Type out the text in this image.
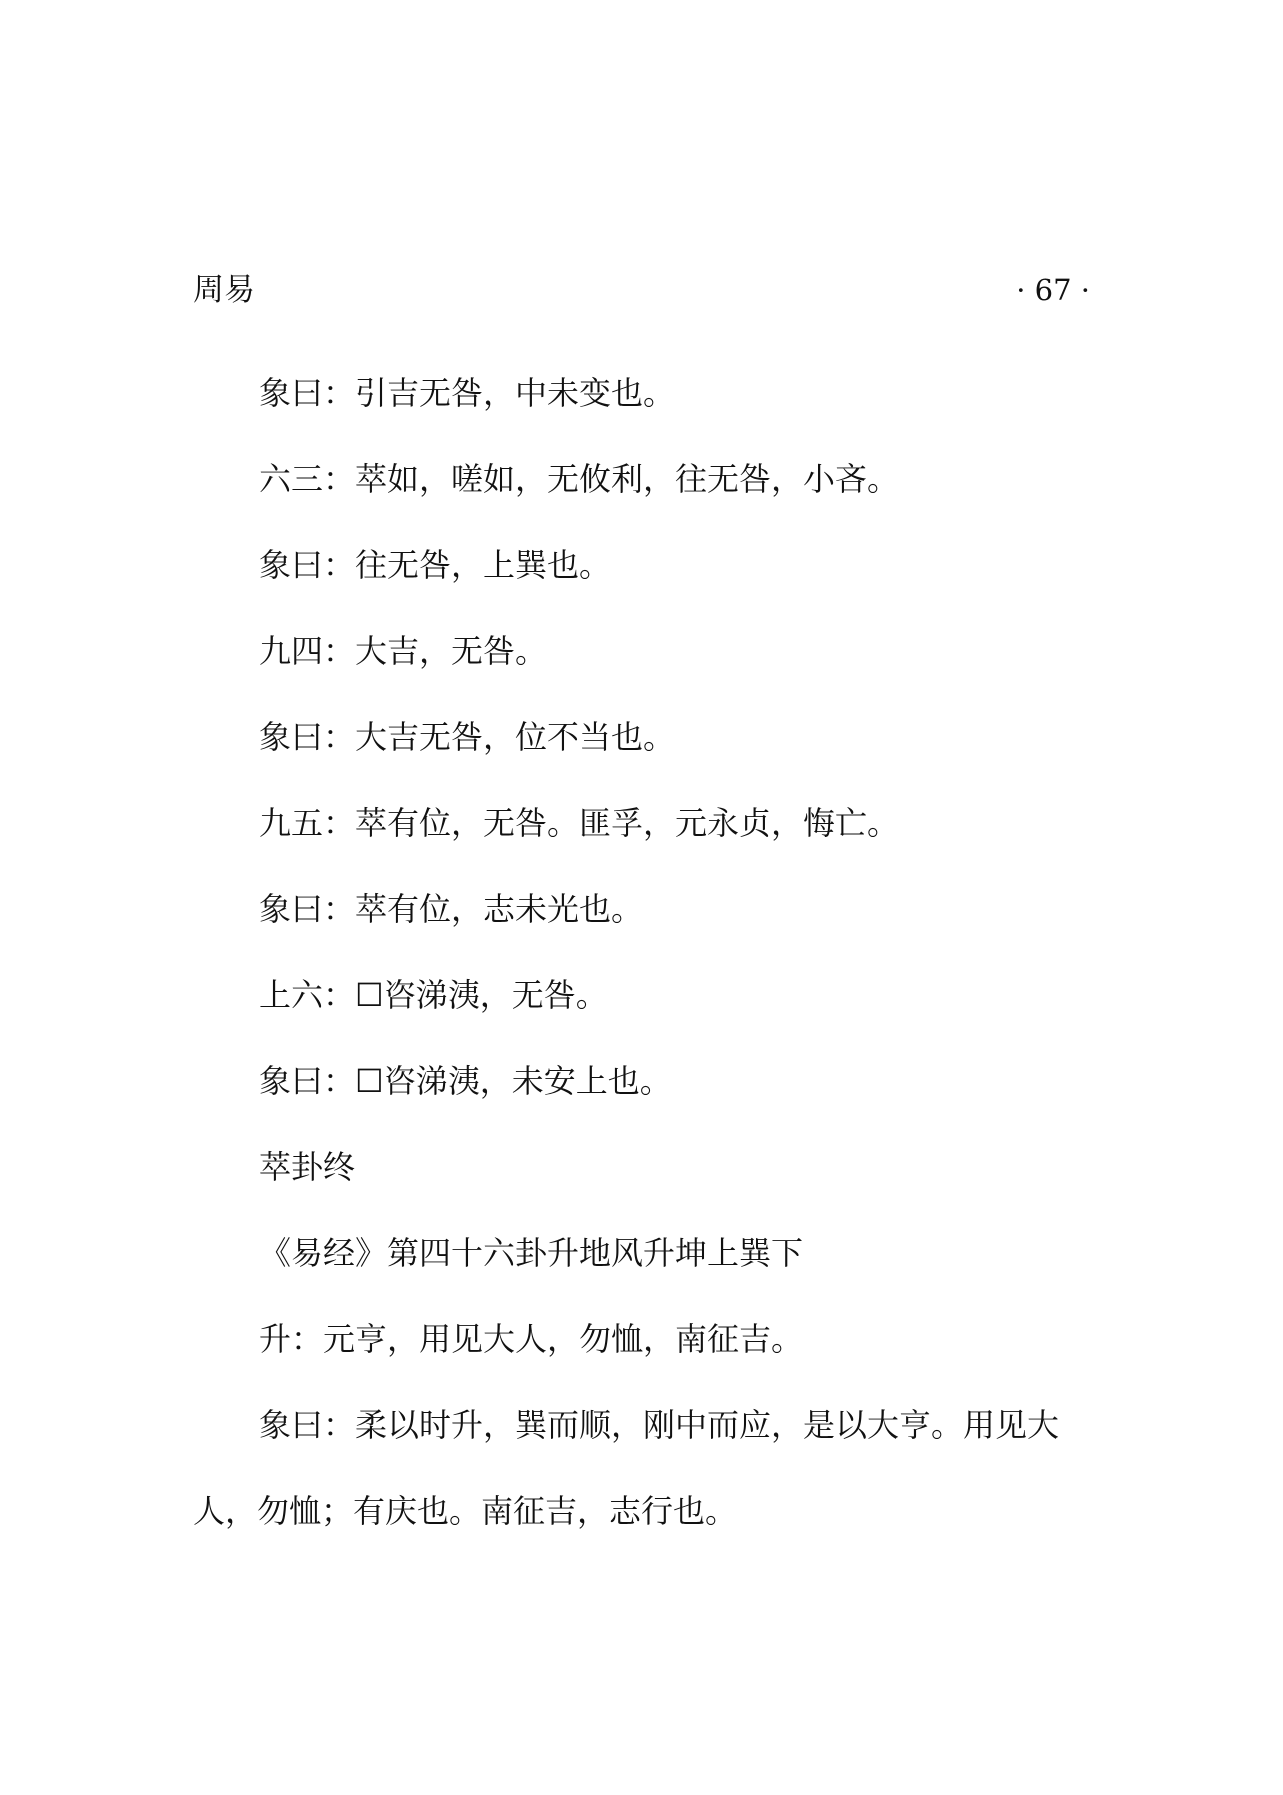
周易	· 67 ·

象曰：引吉无咎，中未变也。

六三：萃如，嗟如，无攸利，往无咎，小吝。

象曰：往无咎，上巽也。

九四：大吉，无咎。

象曰：大吉无咎，位不当也。

九五：萃有位，无咎。匪孚，元永贞，悔亡。

象曰：萃有位，志未光也。

上六：☐咨涕洟，无咎。

象曰：☐咨涕洟，未安上也。

萃卦终

《易经》第四十六卦升地风升坤上巽下

升：元亨，用见大人，勿恤，南征吉。

象曰：柔以时升，巽而顺，刚中而应，是以大亨。用见大人，勿恤；有庆也。南征吉，志行也。
